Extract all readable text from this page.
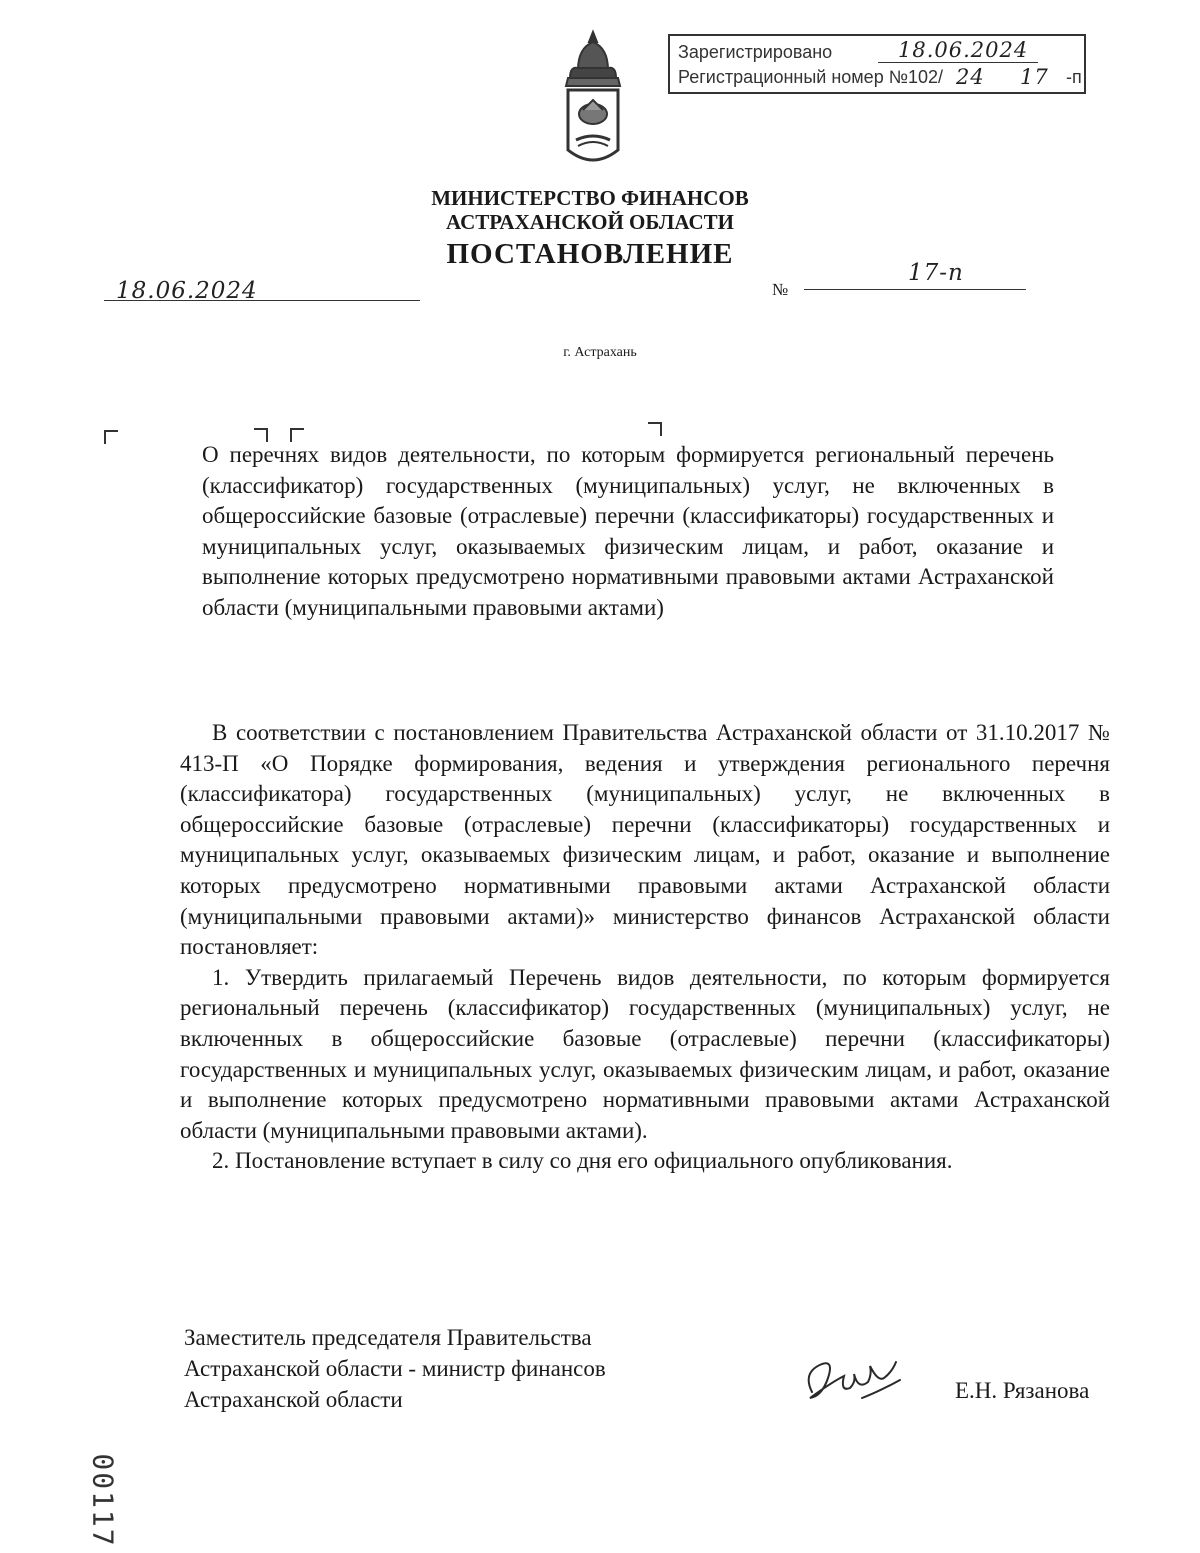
Зарегистрировано	18.06.2024
Регистрационный номер №102/ 24 17 -п
МИНИСТЕРСТВО ФИНАНСОВ
АСТРАХАНСКОЙ ОБЛАСТИ
ПОСТАНОВЛЕНИЕ
18.06.2024	№
17-п
г. Астрахань
О перечнях видов деятельности, по которым формируется региональный перечень (классификатор) государственных (муниципальных) услуг, не включенных в общероссийские базовые (отраслевые) перечни (классификаторы) государственных и муниципальных услуг, оказываемых физическим лицам, и работ, оказание и выполнение которых предусмотрено нормативными правовыми актами Астраханской области (муниципальными правовыми актами)

В соответствии с постановлением Правительства Астраханской области от 31.10.2017 № 413-П «О Порядке формирования, ведения и утверждения регионального перечня (классификатора) государственных (муниципальных) услуг, не включенных в общероссийские базовые (отраслевые) перечни (классификаторы) государственных и муниципальных услуг, оказываемых физическим лицам, и работ, оказание и выполнение которых предусмотрено нормативными правовыми актами Астраханской области (муниципальными правовыми актами)» министерство финансов Астраханской области постановляет:

1. Утвердить прилагаемый Перечень видов деятельности, по которым формируется региональный перечень (классификатор) государственных (муниципальных) услуг, не включенных в общероссийские базовые (отраслевые) перечни (классификаторы) государственных и муниципальных услуг, оказываемых физическим лицам, и работ, оказание и выполнение которых предусмотрено нормативными правовыми актами Астраханской области (муниципальными правовыми актами).

2. Постановление вступает в силу со дня его официального опубликования.

Заместитель председателя Правительства
Астраханской области - министр финансов
Астраханской области	Е.Н. Рязанова
00117
